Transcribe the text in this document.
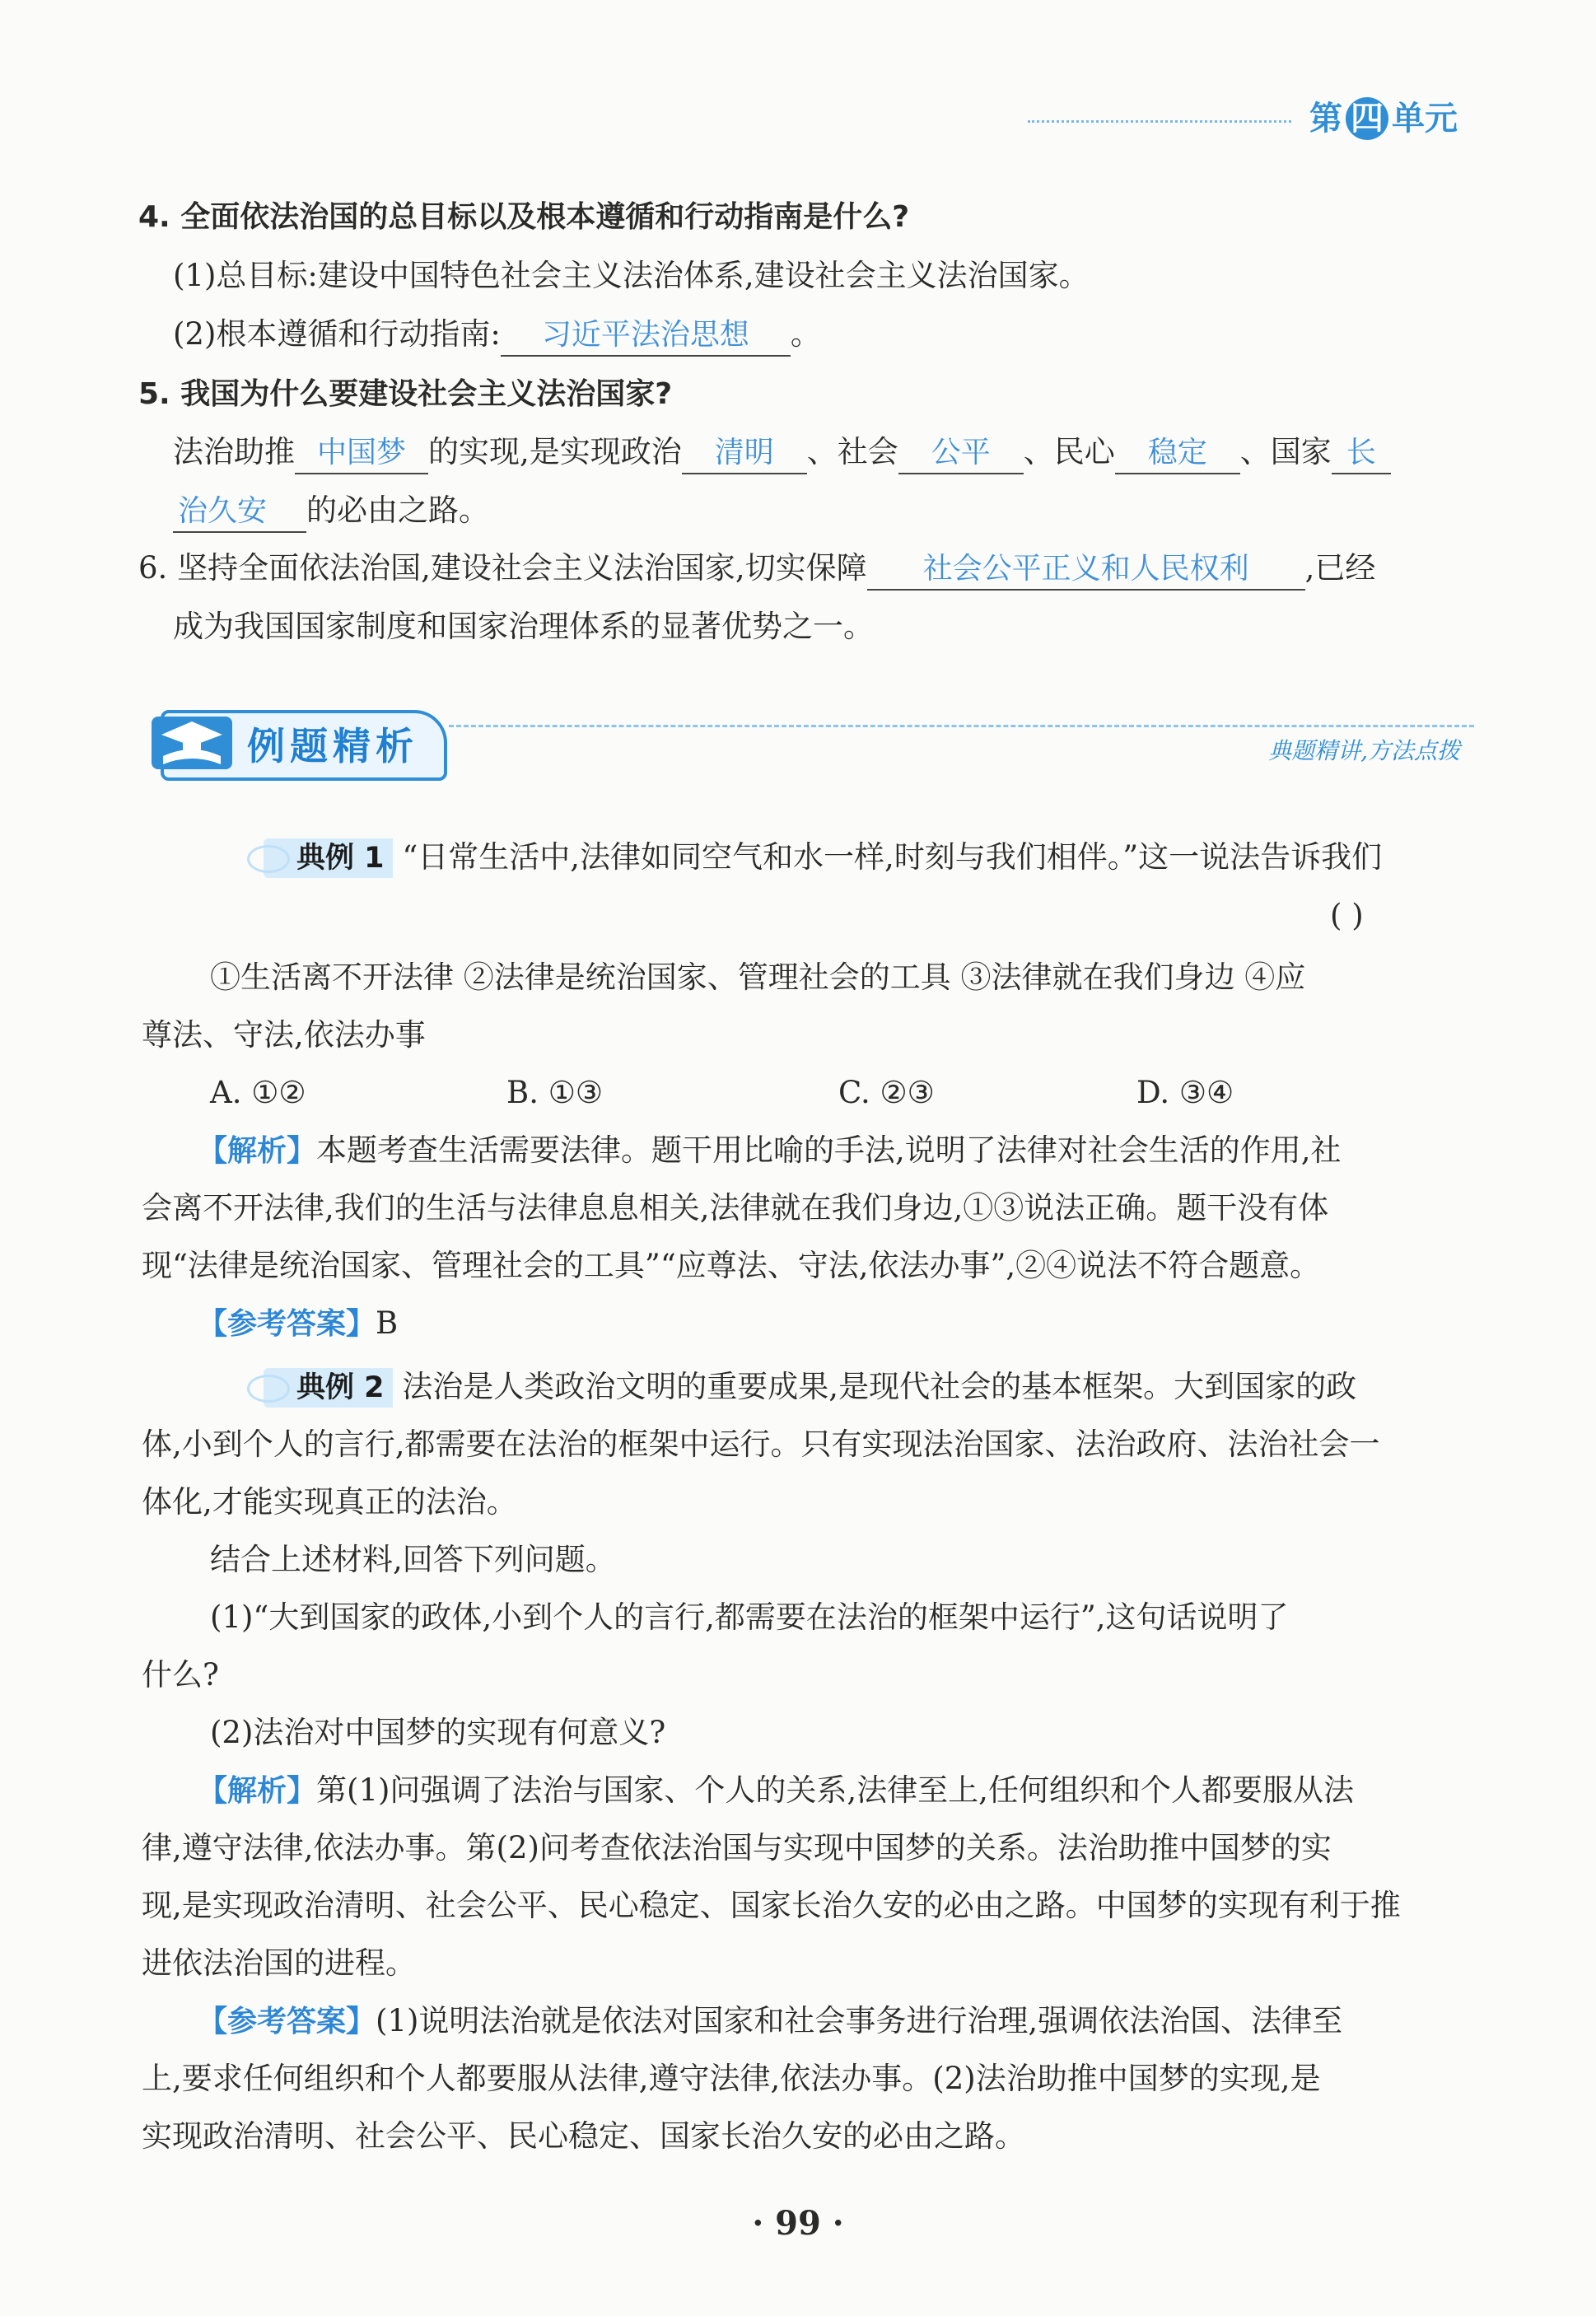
第 四 单元
4. 全面依法治国的总目标以及根本遵循和行动指南是什么?
(1)总目标:建设中国特色社会主义法治体系,建设社会主义法治国家。
(2)根本遵循和行动指南: 习近平法治思想 。
5. 我国为什么要建设社会主义法治国家?
法治助推 中国梦 的实现,是实现政治 清明 、社会 公平 、民心 稳定 、国家 长
治久安 的必由之路。
6. 坚持全面依法治国,建设社会主义法治国家,切实保障 社会公平正义和人民权利 ,已经
成为我国国家制度和国家治理体系的显著优势之一。
例题精析	典题精讲,方法点拨
典例 1 “日常生活中,法律如同空气和水一样,时刻与我们相伴。”这一说法告诉我们
( )
①生活离不开法律 ②法律是统治国家、管理社会的工具 ③法律就在我们身边 ④应
尊法、守法,依法办事
A. ①②	B. ①③	C. ②③	D. ③④
【解析】本题考查生活需要法律。题干用比喻的手法,说明了法律对社会生活的作用,社
会离不开法律,我们的生活与法律息息相关,法律就在我们身边,①③说法正确。题干没有体
现“法律是统治国家、管理社会的工具”“应尊法、守法,依法办事”,②④说法不符合题意。
【参考答案】B
典例 2 法治是人类政治文明的重要成果,是现代社会的基本框架。大到国家的政
体,小到个人的言行,都需要在法治的框架中运行。只有实现法治国家、法治政府、法治社会一
体化,才能实现真正的法治。
结合上述材料,回答下列问题。
(1)“大到国家的政体,小到个人的言行,都需要在法治的框架中运行”,这句话说明了
什么?
(2)法治对中国梦的实现有何意义?
【解析】第(1)问强调了法治与国家、个人的关系,法律至上,任何组织和个人都要服从法
律,遵守法律,依法办事。第(2)问考查依法治国与实现中国梦的关系。法治助推中国梦的实
现,是实现政治清明、社会公平、民心稳定、国家长治久安的必由之路。中国梦的实现有利于推
进依法治国的进程。
【参考答案】(1)说明法治就是依法对国家和社会事务进行治理,强调依法治国、法律至
上,要求任何组织和个人都要服从法律,遵守法律,依法办事。(2)法治助推中国梦的实现,是
实现政治清明、社会公平、民心稳定、国家长治久安的必由之路。
· 99 ·
